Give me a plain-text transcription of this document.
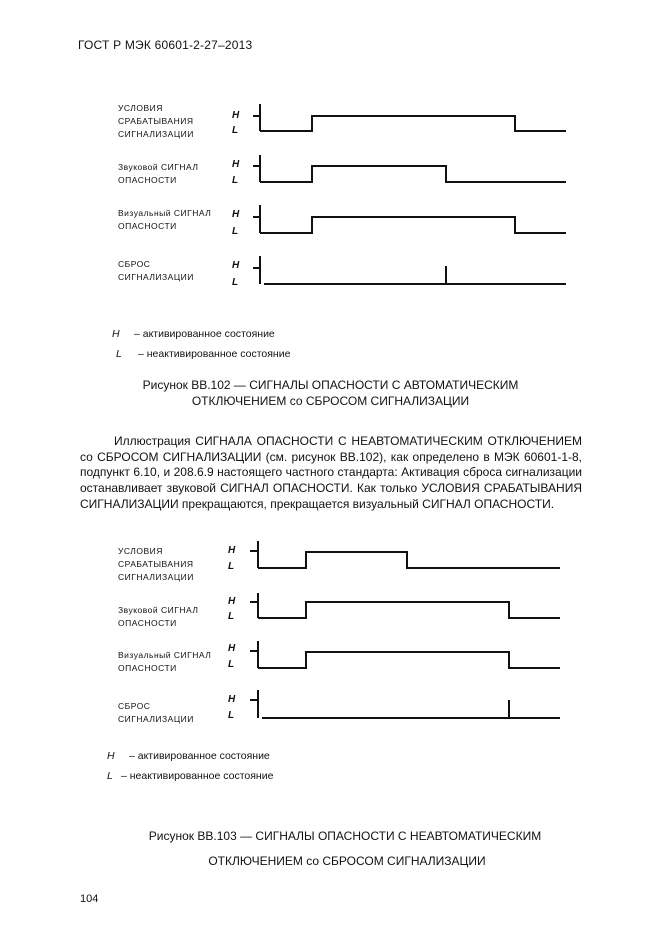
ГОСТ Р МЭК 60601-2-27–2013
УСЛОВИЯ
СРАБАТЫВАНИЯ
СИГНАЛИЗАЦИИ
H
L
Звуковой СИГНАЛ
ОПАСНОСТИ
H
L
Визуальный СИГНАЛ
ОПАСНОСТИ
H
L
СБРОС
СИГНАЛИЗАЦИИ
H
L
H – активированное состояние
L – неактивированное состояние
Рисунок ВВ.102 — СИГНАЛЫ ОПАСНОСТИ С АВТОМАТИЧЕСКИМ
ОТКЛЮЧЕНИЕМ со СБРОСОМ СИГНАЛИЗАЦИИ
Иллюстрация СИГНАЛА ОПАСНОСТИ С НЕАВТОМАТИЧЕСКИМ ОТКЛЮЧЕНИЕМ со СБРОСОМ СИГНАЛИЗАЦИИ (см. рисунок ВВ.102), как определено в МЭК 60601-1-8, подпункт 6.10, и 208.6.9 настоящего частного стандарта: Активация сброса сигнализации останавливает звуковой СИГНАЛ ОПАСНОСТИ. Как только УСЛОВИЯ СРАБАТЫВАНИЯ СИГНАЛИЗАЦИИ прекращаются, прекращается визуальный СИГНАЛ ОПАСНОСТИ.
УСЛОВИЯ
СРАБАТЫВАНИЯ
СИГНАЛИЗАЦИИ
H
L
Звуковой СИГНАЛ
ОПАСНОСТИ
H
L
Визуальный СИГНАЛ
ОПАСНОСТИ
H
L
СБРОС
СИГНАЛИЗАЦИИ
H
L
H – активированное состояние
L – неактивированное состояние
Рисунок ВВ.103 — СИГНАЛЫ ОПАСНОСТИ С НЕАВТОМАТИЧЕСКИМ
ОТКЛЮЧЕНИЕМ со СБРОСОМ СИГНАЛИЗАЦИИ
104
